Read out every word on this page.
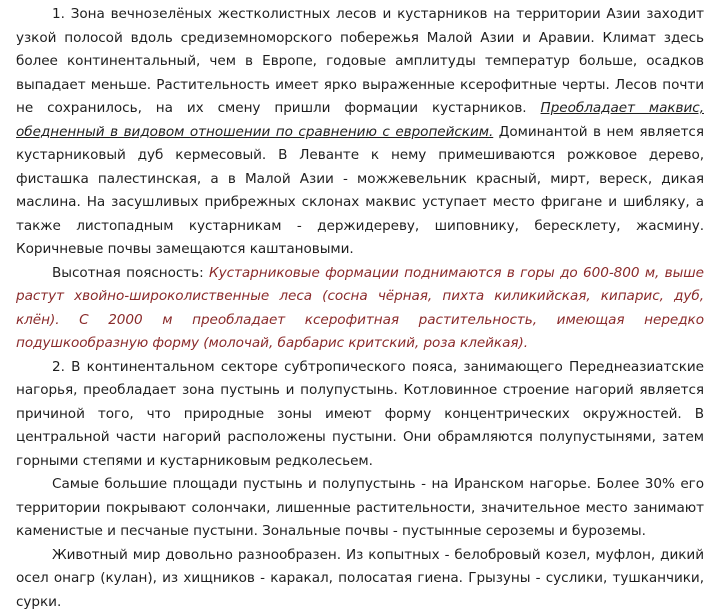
1. Зона вечнозелёных жестколистных лесов и кустарников на территории Азии заходит узкой полосой вдоль средиземноморского побережья Малой Азии и Аравии. Климат здесь более континентальный, чем в Европе, годовые амплитуды температур больше, осадков выпадает меньше. Растительность имеет ярко выраженные ксерофитные черты. Лесов почти не сохранилось, на их смену пришли формации кустарников. Преобладает маквис, обедненный в видовом отношении по сравнению с европейским. Доминантой в нем является кустарниковый дуб кермесовый. В Леванте к нему примешиваются рожковое дерево, фисташка палестинская, а в Малой Азии - можжевельник красный, мирт, вереск, дикая маслина. На засушливых прибрежных склонах маквис уступает место фригане и шибляку, а также листопадным кустарникам - держидереву, шиповнику, бересклету, жасмину. Коричневые почвы замещаются каштановыми.

Высотная поясность: Кустарниковые формации поднимаются в горы до 600-800 м, выше растут хвойно-широколиственные леса (сосна чёрная, пихта киликийская, кипарис, дуб, клён). С 2000 м преобладает ксерофитная растительность, имеющая нередко подушкообразную форму (молочай, барбарис критский, роза клейкая).

2. В континентальном секторе субтропического пояса, занимающего Переднеазиатские нагорья, преобладает зона пустынь и полупустынь. Котловинное строение нагорий является причиной того, что природные зоны имеют форму концентрических окружностей. В центральной части нагорий расположены пустыни. Они обрамляются полупустынями, затем горными степями и кустарниковым редколесьем.

Самые большие площади пустынь и полупустынь - на Иранском нагорье. Более 30% его территории покрывают солончаки, лишенные растительности, значительное место занимают каменистые и песчаные пустыни. Зональные почвы - пустынные сероземы и буроземы.

Животный мир довольно разнообразен. Из копытных - белобровый козел, муфлон, дикий осел онагр (кулан), из хищников - каракал, полосатая гиена. Грызуны - суслики, тушканчики, сурки.
